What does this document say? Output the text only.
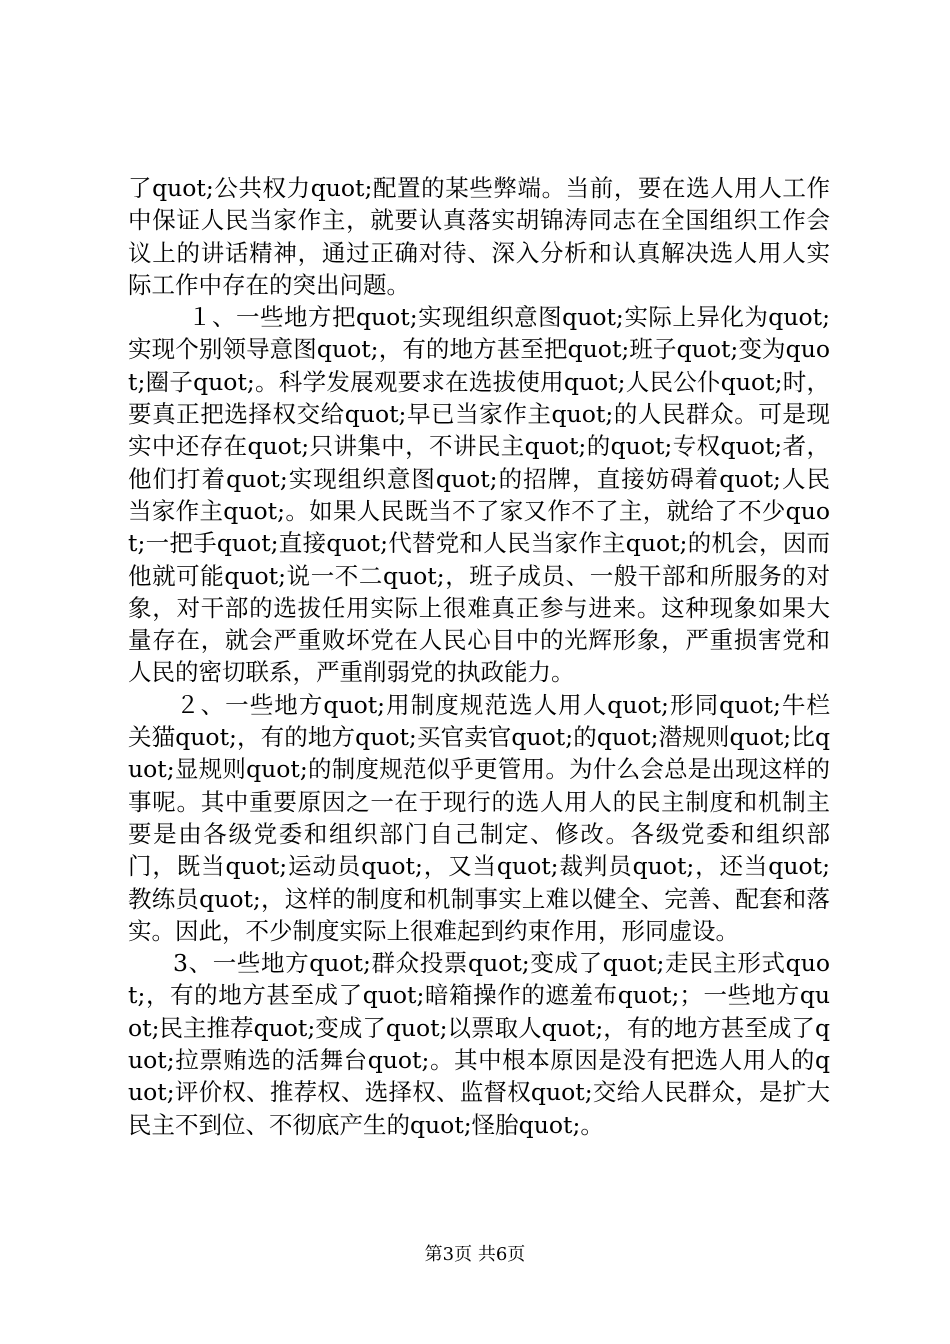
了quot;公共权力quot;配置的某些弊端。当前，要在选人用人工作中保证人民当家作主，就要认真落实胡锦涛同志在全国组织工作会议上的讲话精神，通过正确对待、深入分析和认真解决选人用人实际工作中存在的突出问题。

１、一些地方把quot;实现组织意图quot;实际上异化为quot;实现个别领导意图quot;，有的地方甚至把quot;班子quot;变为quot;圈子quot;。科学发展观要求在选拔使用quot;人民公仆quot;时，要真正把选择权交给quot;早已当家作主quot;的人民群众。可是现实中还存在quot;只讲集中，不讲民主quot;的quot;专权quot;者，他们打着quot;实现组织意图quot;的招牌，直接妨碍着quot;人民当家作主quot;。如果人民既当不了家又作不了主，就给了不少quot;一把手quot;直接quot;代替党和人民当家作主quot;的机会，因而他就可能quot;说一不二quot;，班子成员、一般干部和所服务的对象，对干部的选拔任用实际上很难真正参与进来。这种现象如果大量存在，就会严重败坏党在人民心目中的光辉形象，严重损害党和人民的密切联系，严重削弱党的执政能力。

２、一些地方quot;用制度规范选人用人quot;形同quot;牛栏关猫quot;，有的地方quot;买官卖官quot;的quot;潜规则quot;比quot;显规则quot;的制度规范似乎更管用。为什么会总是出现这样的事呢。其中重要原因之一在于现行的选人用人的民主制度和机制主要是由各级党委和组织部门自己制定、修改。各级党委和组织部门，既当quot;运动员quot;，又当quot;裁判员quot;，还当quot;教练员quot;，这样的制度和机制事实上难以健全、完善、配套和落实。因此，不少制度实际上很难起到约束作用，形同虚设。

3、一些地方quot;群众投票quot;变成了quot;走民主形式quot;，有的地方甚至成了quot;暗箱操作的遮羞布quot;；一些地方quot;民主推荐quot;变成了quot;以票取人quot;，有的地方甚至成了quot;拉票贿选的活舞台quot;。其中根本原因是没有把选人用人的quot;评价权、推荐权、选择权、监督权quot;交给人民群众，是扩大民主不到位、不彻底产生的quot;怪胎quot;。

第3页 共6页
